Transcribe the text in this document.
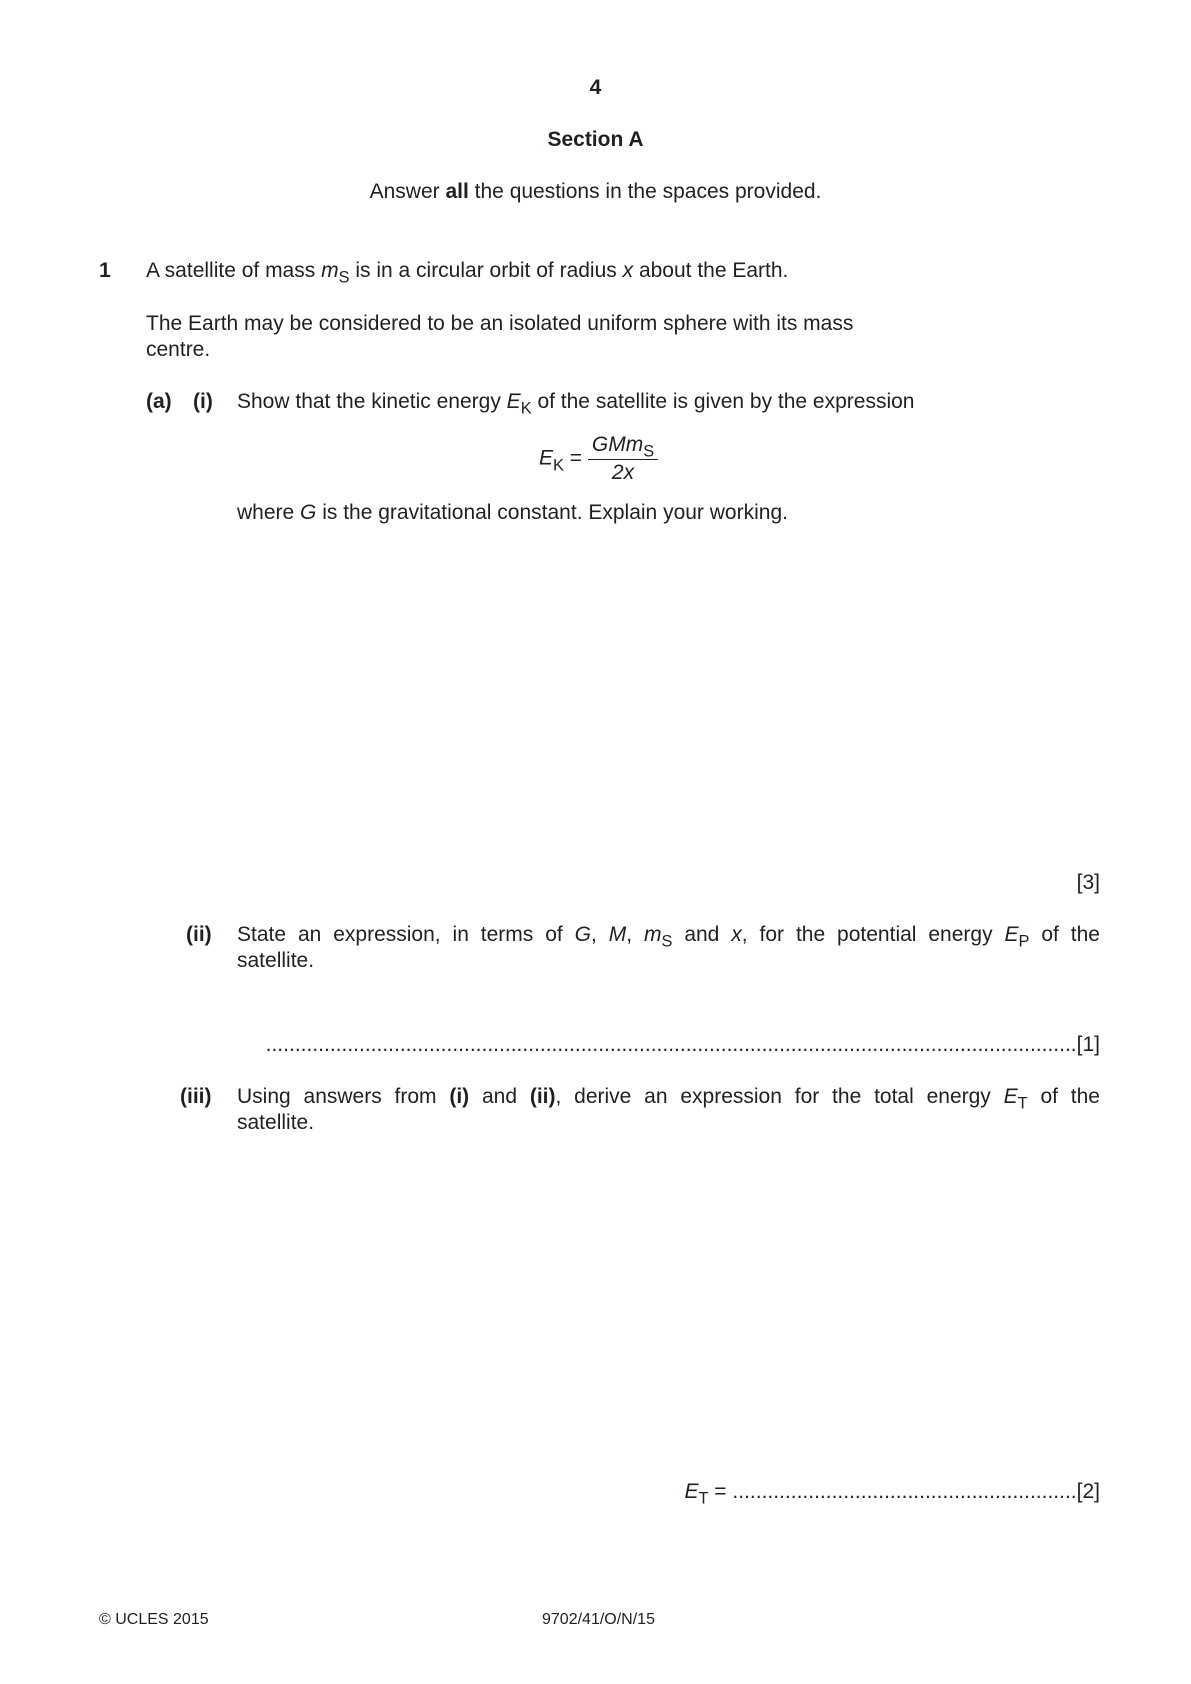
4
Section A
Answer all the questions in the spaces provided.
1 A satellite of mass $m_S$ is in a circular orbit of radius x about the Earth.
The Earth may be considered to be an isolated uniform sphere with its mass
centre.
(a) (i) Show that the kinetic energy $E_K$ of the satellite is given by the expression
$E_K = \frac{GMm_S}{2x}$
where G is the gravitational constant. Explain your working.
[3]
(ii) State an expression, in terms of G, M, $m_S$ and x, for the potential energy $E_P$ of the
satellite.
...........................................................................................................................................[1]
(iii) Using answers from (i) and (ii), derive an expression for the total energy $E_T$ of the
satellite.
$E_T = ...........................................................[2]$
© UCLES 2015	9702/41/O/N/15
